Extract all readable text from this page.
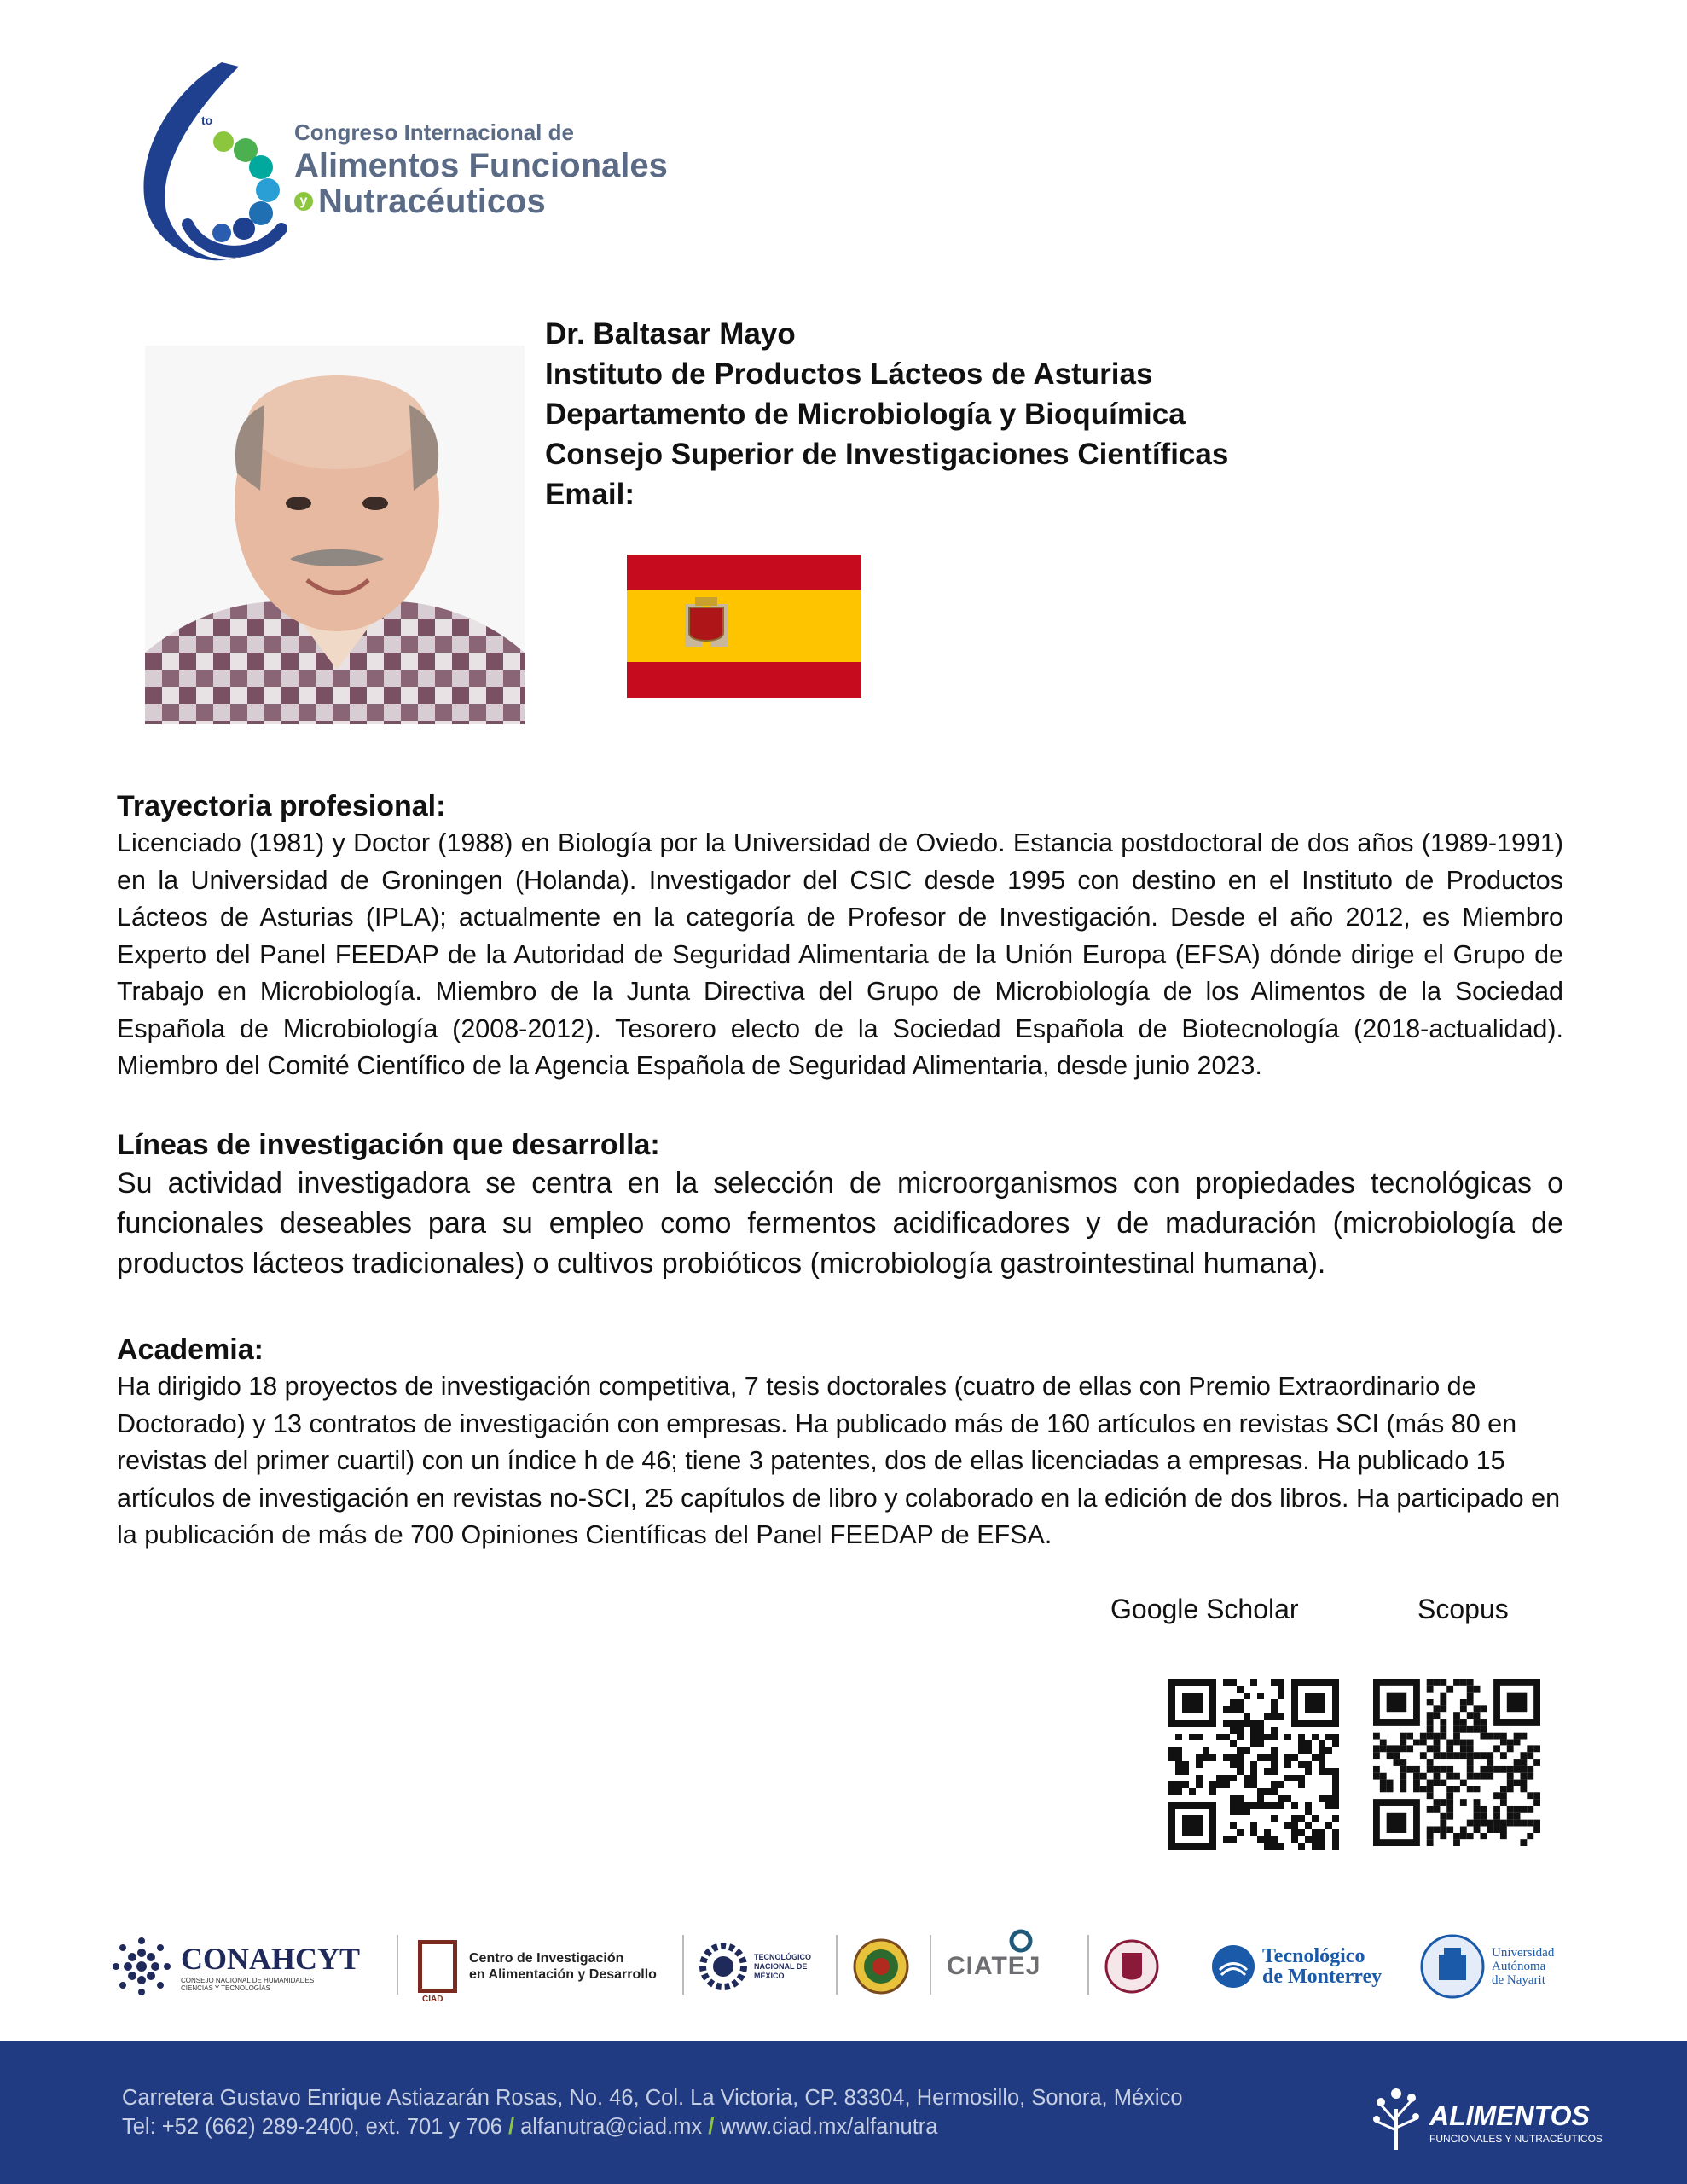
to	Congreso Internacional de
Alimentos Funcionales
y Nutracéuticos
Dr. Baltasar Mayo
Instituto de Productos Lácteos de Asturias
Departamento de Microbiología y Bioquímica
Consejo Superior de Investigaciones Científicas
Email:
Trayectoria profesional:

Licenciado (1981) y Doctor (1988) en Biología por la Universidad de Oviedo. Estancia postdoctoral de dos años (1989-1991) en la Universidad de Groningen (Holanda). Investigador del CSIC desde 1995 con destino en el Instituto de Productos Lácteos de Asturias (IPLA); actualmente en la categoría de Profesor de Investigación. Desde el año 2012, es Miembro Experto del Panel FEEDAP de la Autoridad de Seguridad Alimentaria de la Unión Europa (EFSA) dónde dirige el Grupo de Trabajo en Microbiología. Miembro de la Junta Directiva del Grupo de Microbiología de los Alimentos de la Sociedad Española de Microbiología (2008-2012). Tesorero electo de la Sociedad Española de Biotecnología (2018-actualidad). Miembro del Comité Científico de la Agencia Española de Seguridad Alimentaria, desde junio 2023.

Líneas de investigación que desarrolla:

Su actividad investigadora se centra en la selección de microorganismos con propiedades tecnológicas o funcionales deseables para su empleo como fermentos acidificadores y de maduración (microbiología de productos lácteos tradicionales) o cultivos probióticos (microbiología gastrointestinal humana).

Academia:

Ha dirigido 18 proyectos de investigación competitiva, 7 tesis doctorales (cuatro de ellas con Premio Extraordinario de Doctorado) y 13 contratos de investigación con empresas. Ha publicado más de 160 artículos en revistas SCI (más 80 en revistas del primer cuartil) con un índice h de 46; tiene 3 patentes, dos de ellas licenciadas a empresas. Ha publicado 15 artículos de investigación en revistas no-SCI, 25 capítulos de libro y colaborado en la edición de dos libros. Ha participado en la publicación de más de 700 Opiniones Científicas del Panel FEEDAP de EFSA.

Google Scholar	Scopus
CONAHCYT
CONSEJO NACIONAL DE HUMANIDADES CIENCIAS Y TECNOLOGÍAS
CIAD
Centro de Investigación
en Alimentación y Desarrollo
TECNOLÓGICO NACIONAL DE MÉXICO	CIATEJ	Tecnológico
de Monterrey
Universidad
Autónoma
de Nayarit
Carretera Gustavo Enrique Astiazarán Rosas, No. 46, Col. La Victoria, CP. 83304, Hermosillo, Sonora, México
Tel: +52 (662) 289-2400, ext. 701 y 706 / alfanutra@ciad.mx / www.ciad.mx/alfanutra	ALIMENTOS
FUNCIONALES Y NUTRACÉUTICOS
